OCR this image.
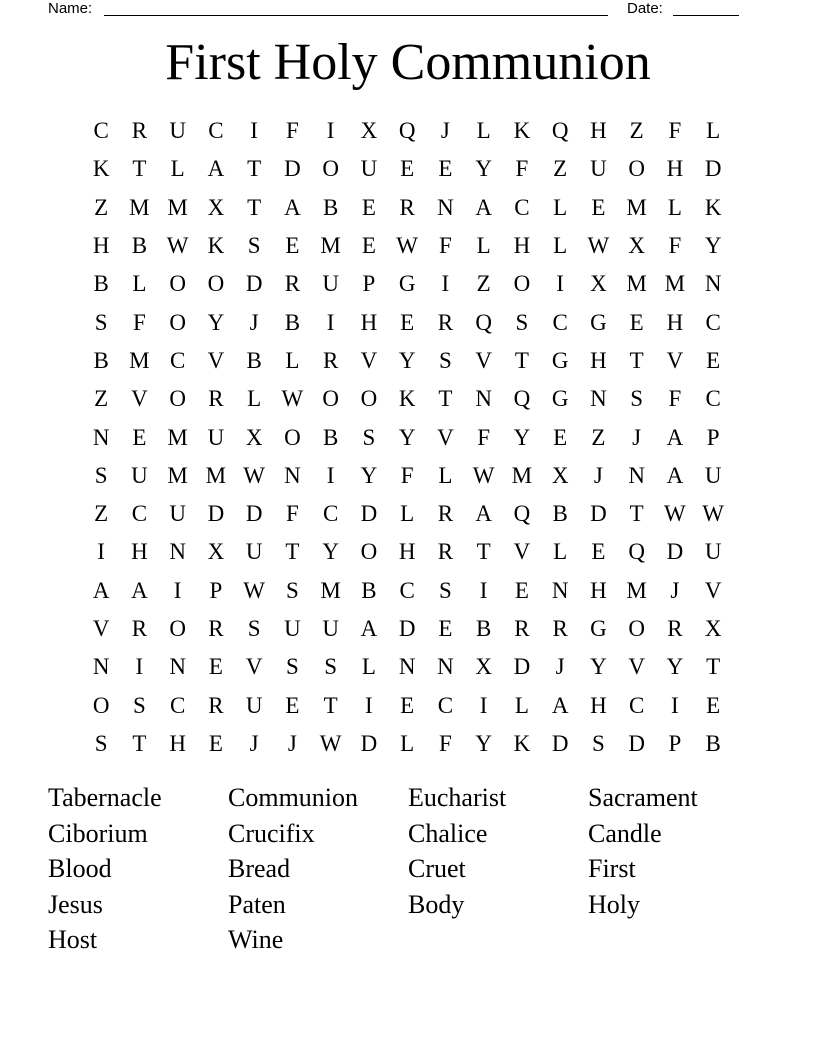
Name:	Date:
First Holy Communion
C R U C	I	F	I	X Q	J	L K Q H Z	F	L
K T	L A T D O U E	E Y	F	Z U O H D
Z M M X T A B	E	R N A C	L	E M L K
H B W K	S	E M E W F	L H L W X	F	Y
B	L O O D R U	P	G	I	Z O	I	X M M N
S	F	O Y	J	B	I	H E	R Q	S	C G E H C
B M C V B	L	R V Y	S	V T G H T V E
Z V O R	L W O O K T N Q G N	S	F	C
N E M U X O B	S	Y V	F	Y E	Z	J	A	P
S	U M M W N	I	Y	F	L W M X	J	N A U
Z	C U D D	F	C D L	R A Q B D T W W
I	H N X U T Y O H R	T V L	E Q D U
A A	I	P W S M B C	S	I	E N H M	J	V
V R O R	S	U U A D E	B R R G O R X
N	I	N E V	S	S	L N N X D	J	Y V Y T
O	S	C R U E	T	I	E	C	I	L A H C	I	E
S	T H E	J	J W D L	F	Y K D	S	D	P	B
Tabernacle	Communion	Eucharist	Sacrament
Ciborium	Crucifix	Chalice	Candle
Blood	Bread	Cruet	First
Jesus	Paten	Body	Holy
Host	Wine
